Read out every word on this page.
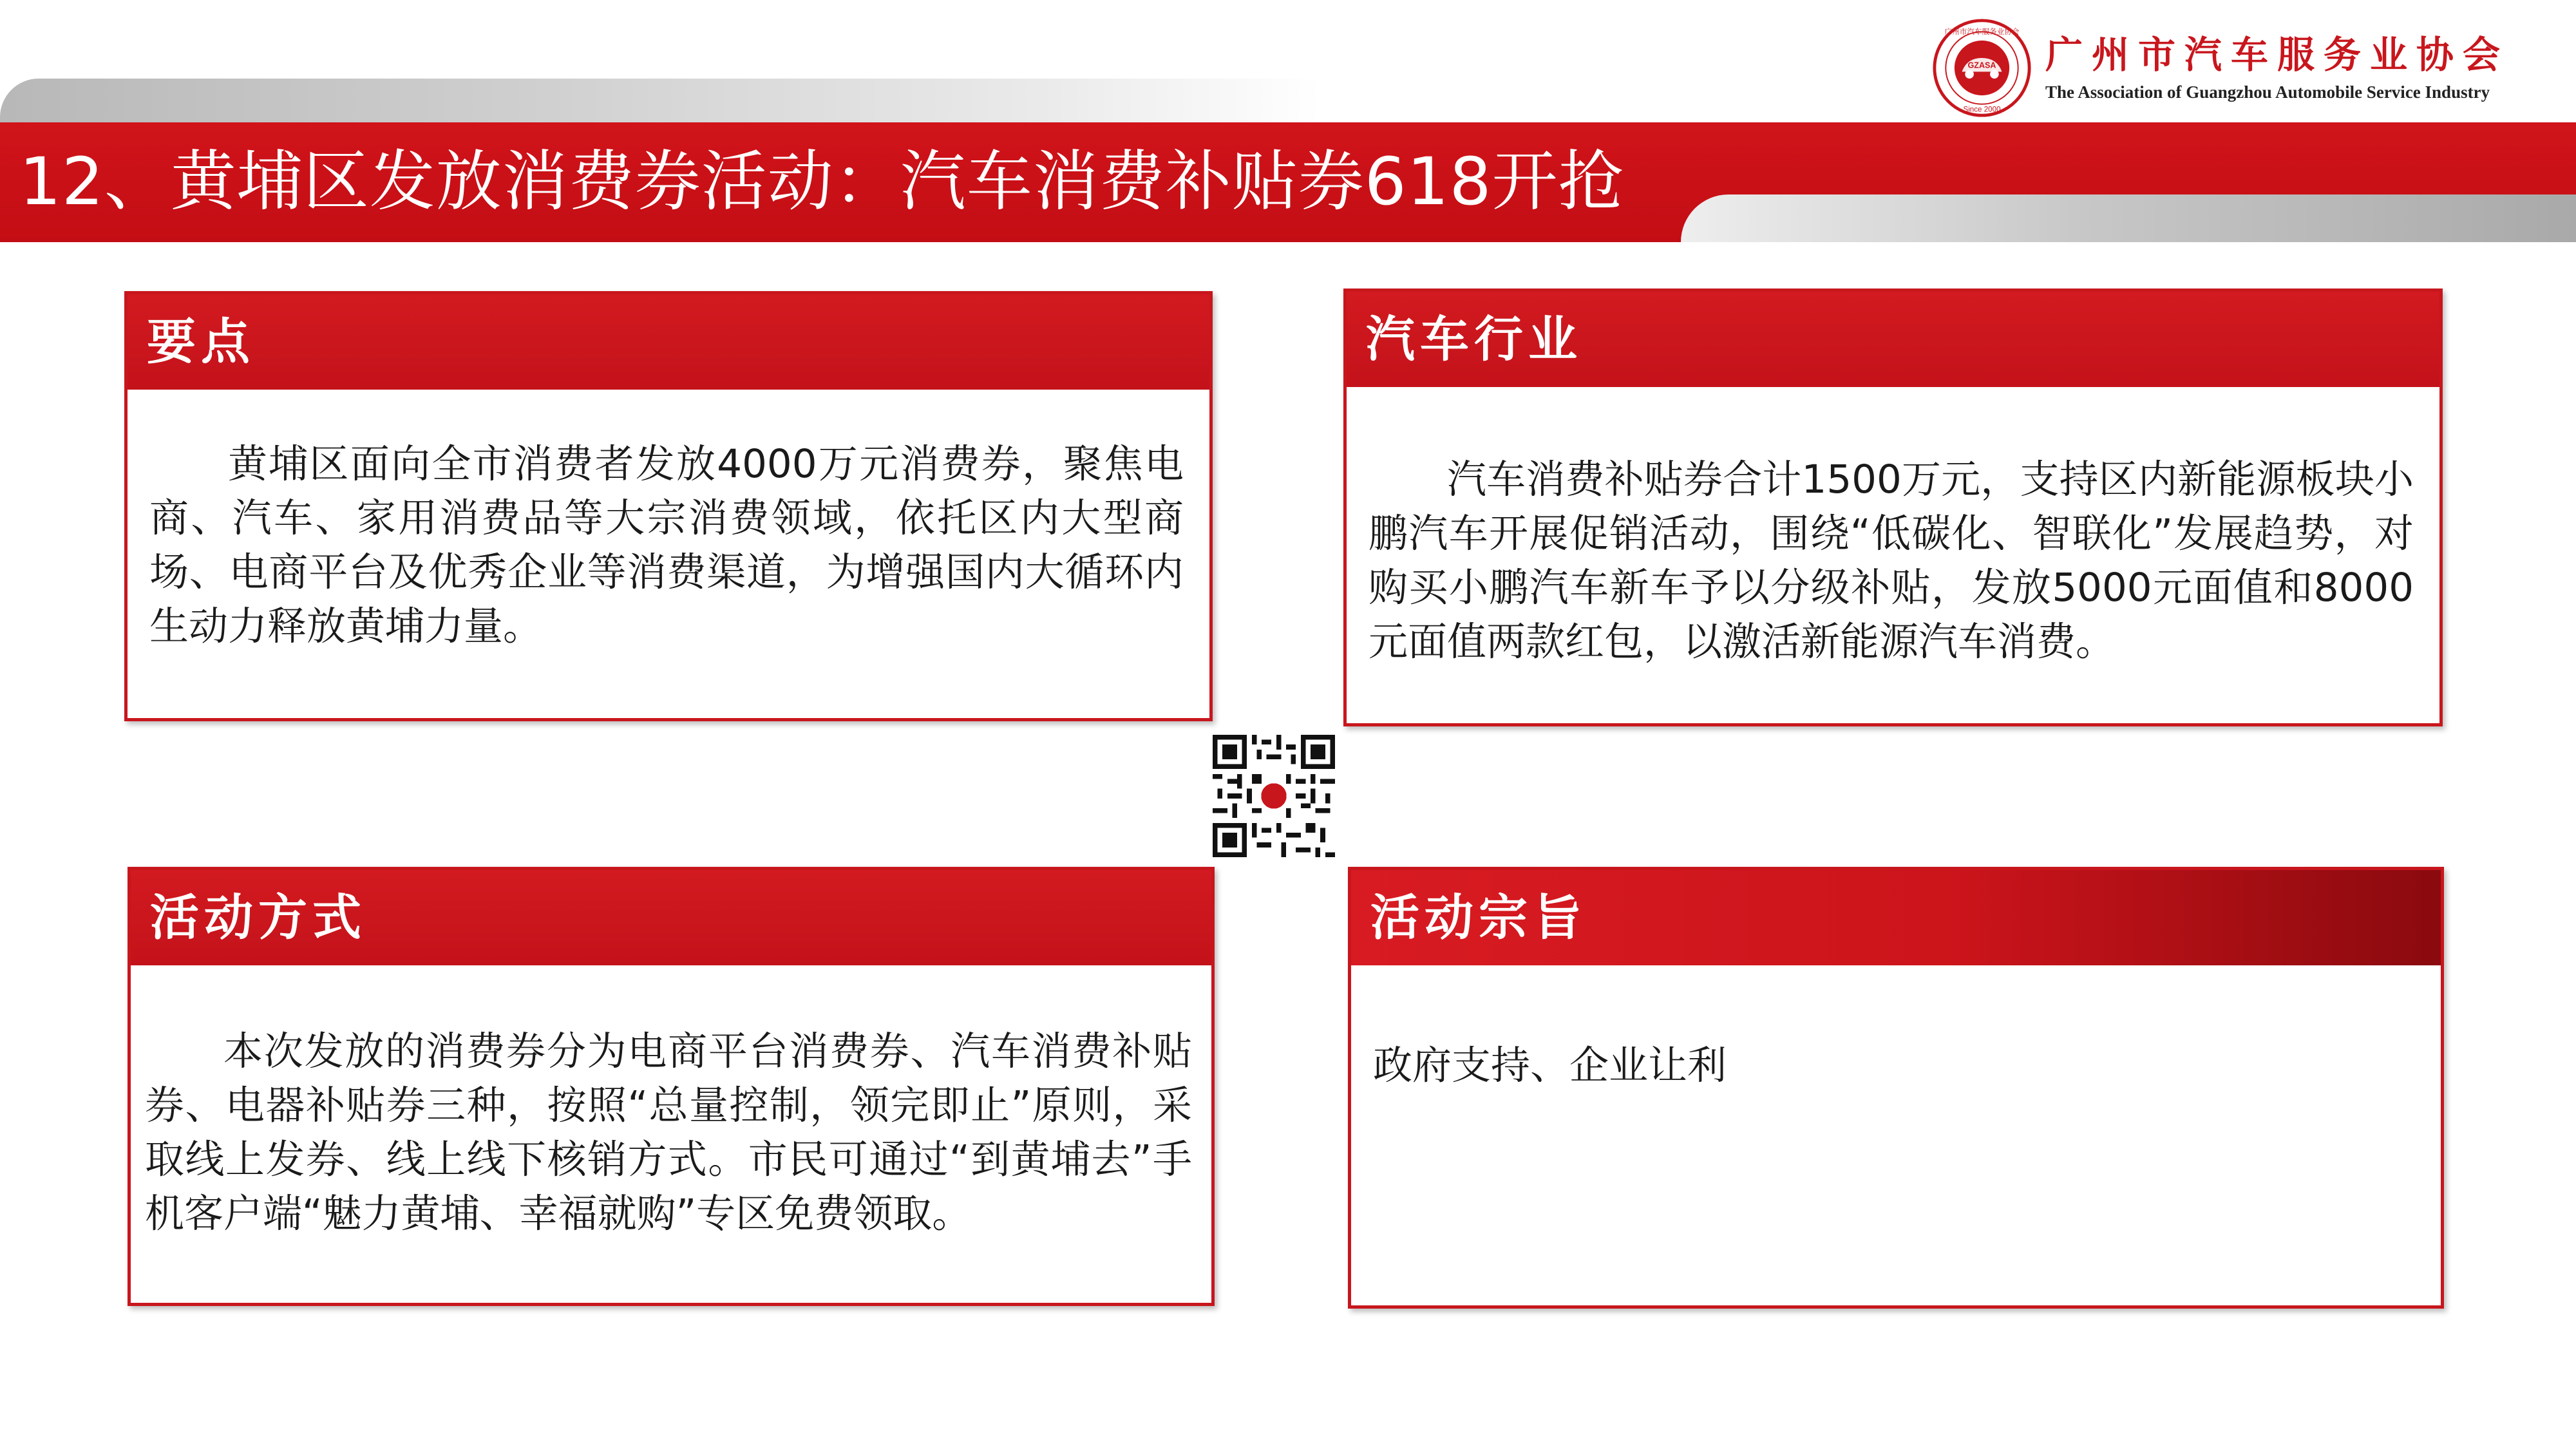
12、黄埔区发放消费券活动：汽车消费补贴券618开抢
GZASA
Since 2000
广州市汽车服务业协会
广州市汽车服务业协会
The Association of Guangzhou Automobile Service Industry
要点
黄埔区面向全市消费者发放4000万元消费券，聚焦电商、汽车、家用消费品等大宗消费领域，依托区内大型商场、电商平台及优秀企业等消费渠道，为增强国内大循环内生动力释放黄埔力量。
汽车行业
汽车消费补贴券合计1500万元，支持区内新能源板块小鹏汽车开展促销活动，围绕“低碳化、智联化”发展趋势，对购买小鹏汽车新车予以分级补贴，发放5000元面值和8000元面值两款红包，以激活新能源汽车消费。
活动方式
本次发放的消费券分为电商平台消费券、汽车消费补贴券、电器补贴券三种，按照“总量控制，领完即止”原则，采取线上发券、线上线下核销方式。市民可通过“到黄埔去”手机客户端“魅力黄埔、幸福就购”专区免费领取。
活动宗旨
政府支持、企业让利
